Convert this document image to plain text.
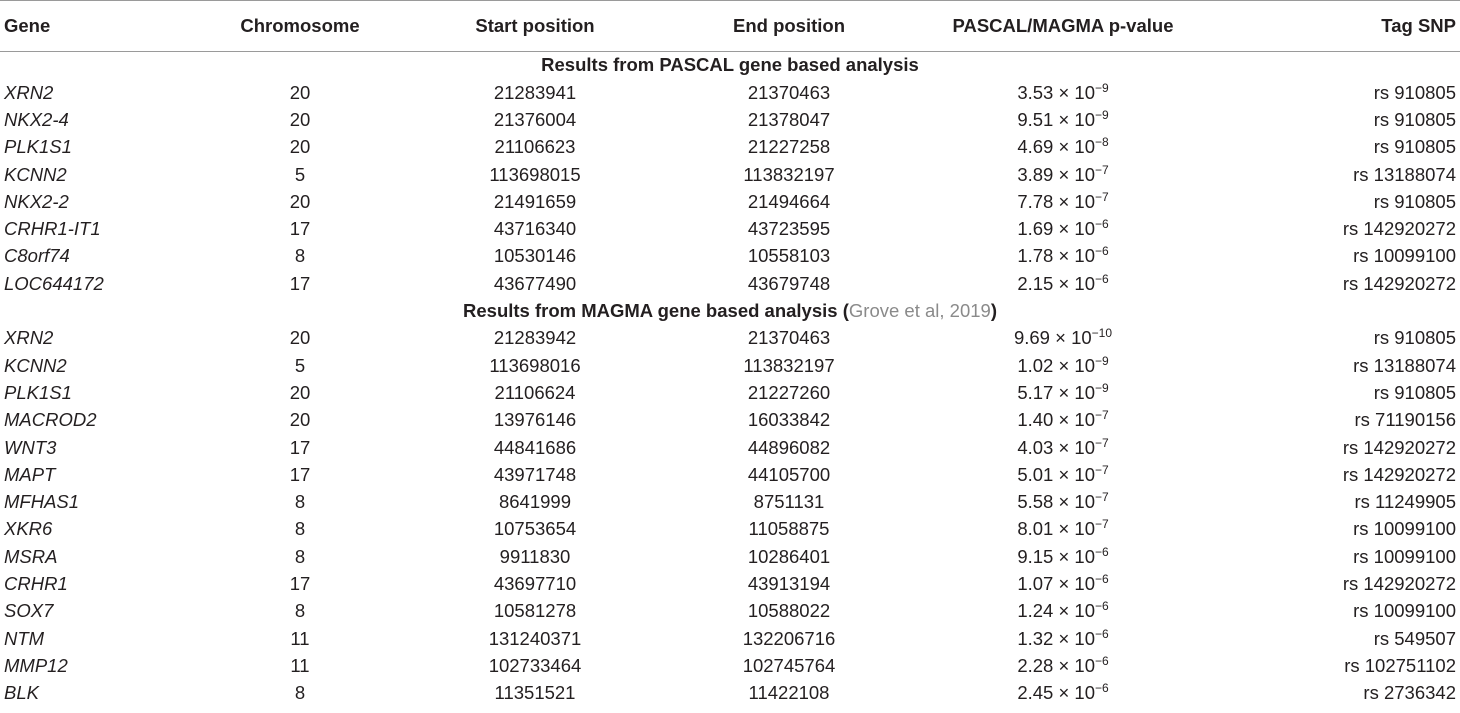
Gene	Chromosome	Start position	End position	PASCAL/MAGMA p-value	Tag SNP
Results from PASCAL gene based analysis					
XRN2	20	21283941	21370463	$3.53 \times 10^{-9}$	rs 910805
NKX2-4	20	21376004	21378047	$9.51 \times 10^{-9}$	rs 910805
PLK1S1	20	21106623	21227258	$4.69 \times 10^{-8}$	rs 910805
KCNN2	5	113698015	113832197	$3.89 \times 10^{-7}$	rs 13188074
NKX2-2	20	21491659	21494664	$7.78 \times 10^{-7}$	rs 910805
CRHR1-IT1	17	43716340	43723595	$1.69 \times 10^{-6}$	rs 142920272
C8orf74	8	10530146	10558103	$1.78 \times 10^{-6}$	rs 10099100
LOC644172	17	43677490	43679748	$2.15 \times 10^{-6}$	rs 142920272
Results from MAGMA gene based analysis (Grove et al, 2019)					
XRN2	20	21283942	21370463	$9.69 \times 10^{-10}$	rs 910805
KCNN2	5	113698016	113832197	$1.02 \times 10^{-9}$	rs 13188074
PLK1S1	20	21106624	21227260	$5.17 \times 10^{-9}$	rs 910805
MACROD2	20	13976146	16033842	$1.40 \times 10^{-7}$	rs 71190156
WNT3	17	44841686	44896082	$4.03 \times 10^{-7}$	rs 142920272
MAPT	17	43971748	44105700	$5.01 \times 10^{-7}$	rs 142920272
MFHAS1	8	8641999	8751131	$5.58 \times 10^{-7}$	rs 11249905
XKR6	8	10753654	11058875	$8.01 \times 10^{-7}$	rs 10099100
MSRA	8	9911830	10286401	$9.15 \times 10^{-6}$	rs 10099100
CRHR1	17	43697710	43913194	$1.07 \times 10^{-6}$	rs 142920272
SOX7	8	10581278	10588022	$1.24 \times 10^{-6}$	rs 10099100
NTM	11	131240371	132206716	$1.32 \times 10^{-6}$	rs 549507
MMP12	11	102733464	102745764	$2.28 \times 10^{-6}$	rs 102751102
BLK	8	11351521	11422108	$2.45 \times 10^{-6}$	rs 2736342
